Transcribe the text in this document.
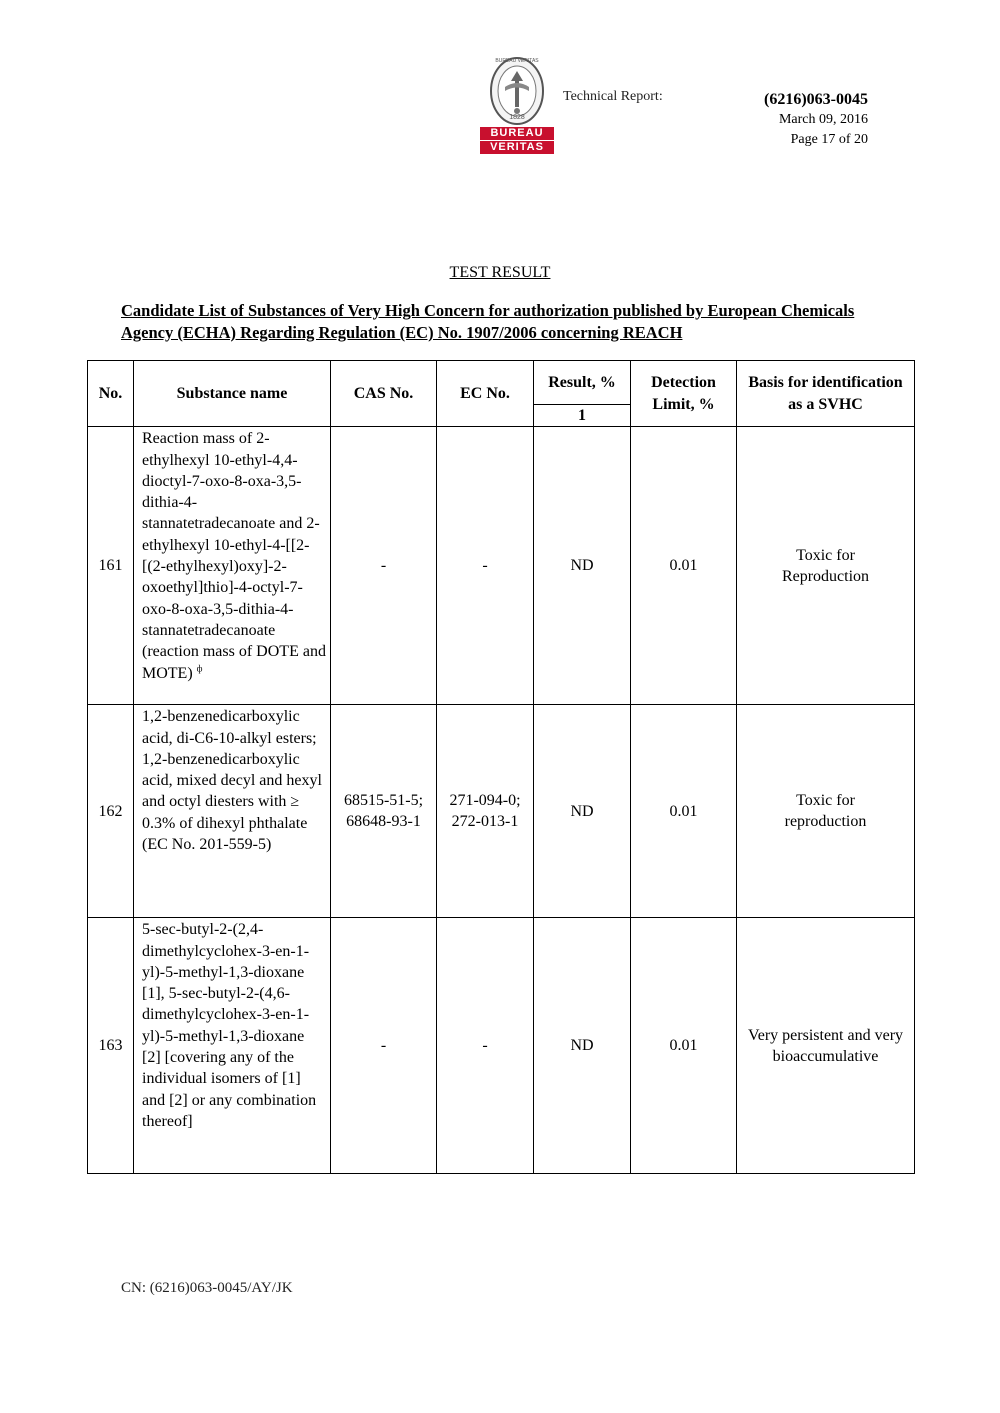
BUREAU
VERITAS
BUREAU VERITAS
1828
Technical Report:	(6216)063-0045
March 09, 2016
Page 17 of 20
TEST RESULT
Candidate List of Substances of Very High Concern for authorization published by European Chemicals Agency (ECHA) Regarding Regulation (EC) No. 1907/2006 concerning REACH
No.	Substance name	CAS No.	EC No.	Result, %	Detection Limit, %	Basis for identification as a SVHC
				1		
161	Reaction mass of 2-ethylhexyl 10-ethyl-4,4-dioctyl-7-oxo-8-oxa-3,5-dithia-4-stannatetradecanoate and 2-ethylhexyl 10-ethyl-4-[[2-[(2-ethylhexyl)oxy]-2-oxoethyl]thio]-4-octyl-7-oxo-8-oxa-3,5-dithia-4-stannatetradecanoate (reaction mass of DOTE and MOTE) $^ф$	-	-	ND	0.01	Toxic for Reproduction
162	1,2-benzenedicarboxylic acid, di-C6-10-alkyl esters; 1,2-benzenedicarboxylic acid, mixed decyl and hexyl and octyl diesters with ≥ 0.3% of dihexyl phthalate (EC No. 201-559-5)	68515-51-5; 68648-93-1	271-094-0; 272-013-1	ND	0.01	Toxic for reproduction
163	5-sec-butyl-2-(2,4-dimethylcyclohex-3-en-1-yl)-5-methyl-1,3-dioxane [1], 5-sec-butyl-2-(4,6-dimethylcyclohex-3-en-1-yl)-5-methyl-1,3-dioxane [2] [covering any of the individual isomers of [1] and [2] or any combination thereof]	-	-	ND	0.01	Very persistent and very bioaccumulative
CN: (6216)063-0045/AY/JK
